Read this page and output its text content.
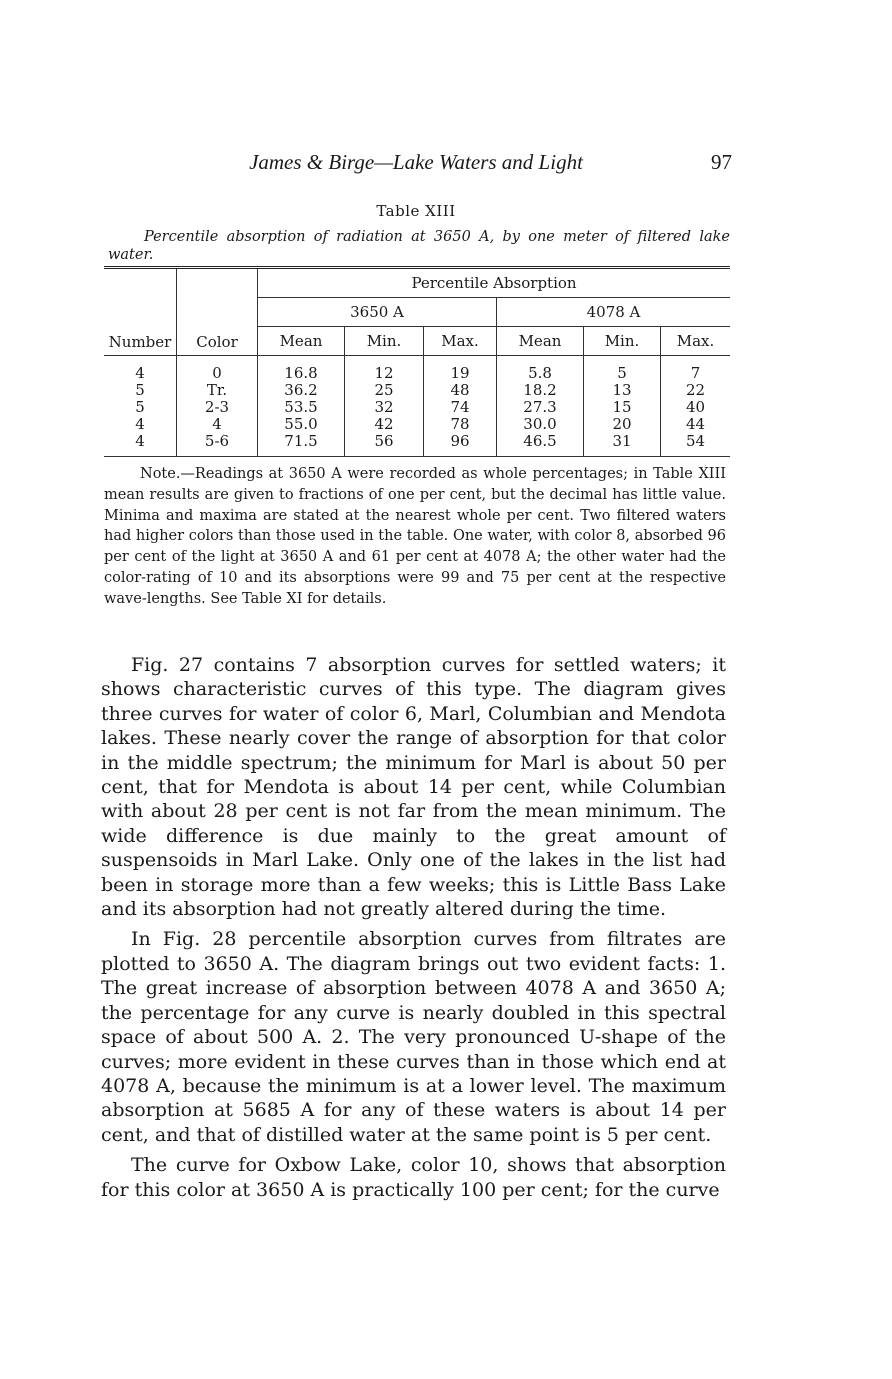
James & Birge—Lake Waters and Light	97
Table XIII
Percentile absorption of radiation at 3650 A, by one meter of filtered lake water.
Number	Color	Percentile Absorption					
		3650 A			4078 A		
		Mean	Min.	Max.	Mean	Min.	Max.
4	0	16.8	12	19	5.8	5	7
5	Tr.	36.2	25	48	18.2	13	22
5	2-3	53.5	32	74	27.3	15	40
4	4	55.0	42	78	30.0	20	44
4	5-6	71.5	56	96	46.5	31	54

Note.—Readings at 3650 A were recorded as whole percentages; in Table XIII mean results are given to fractions of one per cent, but the decimal has little value. Minima and maxima are stated at the nearest whole per cent. Two filtered waters had higher colors than those used in the table. One water, with color 8, absorbed 96 per cent of the light at 3650 A and 61 per cent at 4078 A; the other water had the color-rating of 10 and its absorptions were 99 and 75 per cent at the respective wave-lengths. See Table XI for details.

Fig. 27 contains 7 absorption curves for settled waters; it shows characteristic curves of this type. The diagram gives three curves for water of color 6, Marl, Columbian and Mendota lakes. These nearly cover the range of absorption for that color in the middle spectrum; the minimum for Marl is about 50 per cent, that for Mendota is about 14 per cent, while Columbian with about 28 per cent is not far from the mean minimum. The wide difference is due mainly to the great amount of suspensoids in Marl Lake. Only one of the lakes in the list had been in storage more than a few weeks; this is Little Bass Lake and its absorption had not greatly altered during the time.

In Fig. 28 percentile absorption curves from filtrates are plotted to 3650 A. The diagram brings out two evident facts: 1. The great increase of absorption between 4078 A and 3650 A; the percentage for any curve is nearly doubled in this spectral space of about 500 A. 2. The very pronounced U-shape of the curves; more evident in these curves than in those which end at 4078 A, because the minimum is at a lower level. The maximum absorption at 5685 A for any of these waters is about 14 per cent, and that of distilled water at the same point is 5 per cent.

The curve for Oxbow Lake, color 10, shows that absorption for this color at 3650 A is practically 100 per cent; for the curve
